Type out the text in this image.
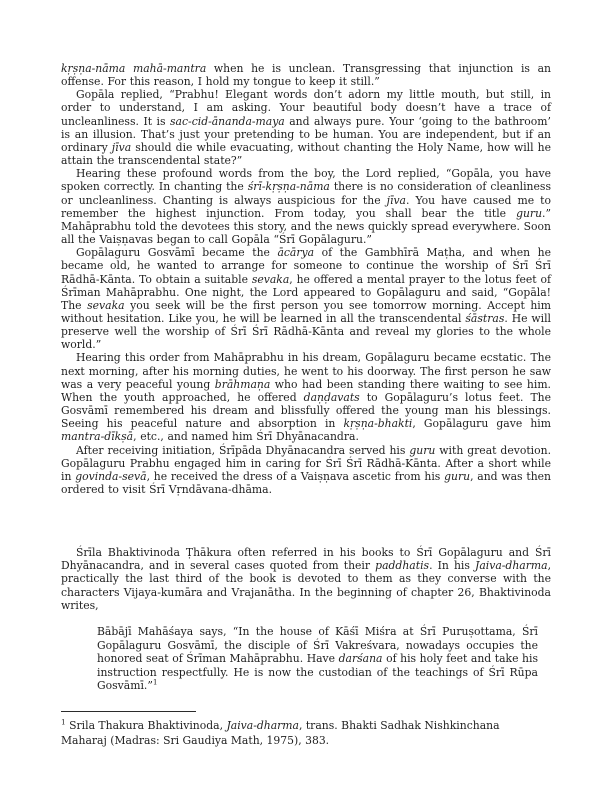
kṛṣṇa-nāma mahā-mantra when he is unclean. Transgressing that injunction is an offense. For this reason, I hold my tongue to keep it still.”

Gopāla replied, “Prabhu! Elegant words don’t adorn my little mouth, but still, in order to understand, I am asking. Your beautiful body doesn’t have a trace of uncleanliness. It is sac-cid-ānanda-maya and always pure. Your ‘going to the bathroom’ is an illusion. That’s just your pretending to be human. You are independent, but if an ordinary jīva should die while evacuating, without chanting the Holy Name, how will he attain the transcendental state?”

Hearing these profound words from the boy, the Lord replied, “Gopāla, you have spoken correctly. In chanting the śrī-kṛṣṇa-nāma there is no consideration of cleanliness or uncleanliness. Chanting is always auspicious for the jīva. You have caused me to remember the highest injunction. From today, you shall bear the title guru.” Mahāprabhu told the devotees this story, and the news quickly spread everywhere. Soon all the Vaiṣṇavas began to call Gopāla “Śrī Gopālaguru.”

Gopālaguru Gosvāmī became the ācārya of the Gambhīrā Maṭha, and when he became old, he wanted to arrange for someone to continue the worship of Śrī Śrī Rādhā-Kānta. To obtain a suitable sevaka, he offered a mental prayer to the lotus feet of Śrīman Mahāprabhu. One night, the Lord appeared to Gopālaguru and said, “Gopāla! The sevaka you seek will be the first person you see tomorrow morning. Accept him without hesitation. Like you, he will be learned in all the transcendental śāstras. He will preserve well the worship of Śrī Śrī Rādhā-Kānta and reveal my glories to the whole world.”

Hearing this order from Mahāprabhu in his dream, Gopālaguru became ecstatic. The next morning, after his morning duties, he went to his doorway. The first person he saw was a very peaceful young brāhmaṇa who had been standing there waiting to see him. When the youth approached, he offered daṇḍavats to Gopālaguru’s lotus feet. The Gosvāmī remembered his dream and blissfully offered the young man his blessings. Seeing his peaceful nature and absorption in kṛṣṇa-bhakti, Gopālaguru gave him mantra-dīkṣā, etc., and named him Śrī Dhyānacandra.

After receiving initiation, Śrīpāda Dhyānacandra served his guru with great devotion. Gopālaguru Prabhu engaged him in caring for Śrī Śrī Rādhā-Kānta. After a short while in govinda-sevā, he received the dress of a Vaiṣṇava ascetic from his guru, and was then ordered to visit Śrī Vṛndāvana-dhāma.

Śrīla Bhaktivinoda Ṭhākura often referred in his books to Śrī Gopālaguru and Śrī Dhyānacandra, and in several cases quoted from their paddhatis. In his Jaiva-dharma, practically the last third of the book is devoted to them as they converse with the characters Vijaya-kumāra and Vrajanātha. In the beginning of chapter 26, Bhaktivinoda writes,

Bābājī Mahāśaya says, “In the house of Kāśī Miśra at Śrī Puruṣottama, Śrī Gopālaguru Gosvāmī, the disciple of Śrī Vakreśvara, nowadays occupies the honored seat of Śrīman Mahāprabhu. Have darśana of his holy feet and take his instruction respectfully. He is now the custodian of the teachings of Śrī Rūpa Gosvāmī.”$^1$

$^1$ Srila Thakura Bhaktivinoda, Jaiva-dharma, trans. Bhakti Sadhak Nishkinchana Maharaj (Madras: Sri Gaudiya Math, 1975), 383.
